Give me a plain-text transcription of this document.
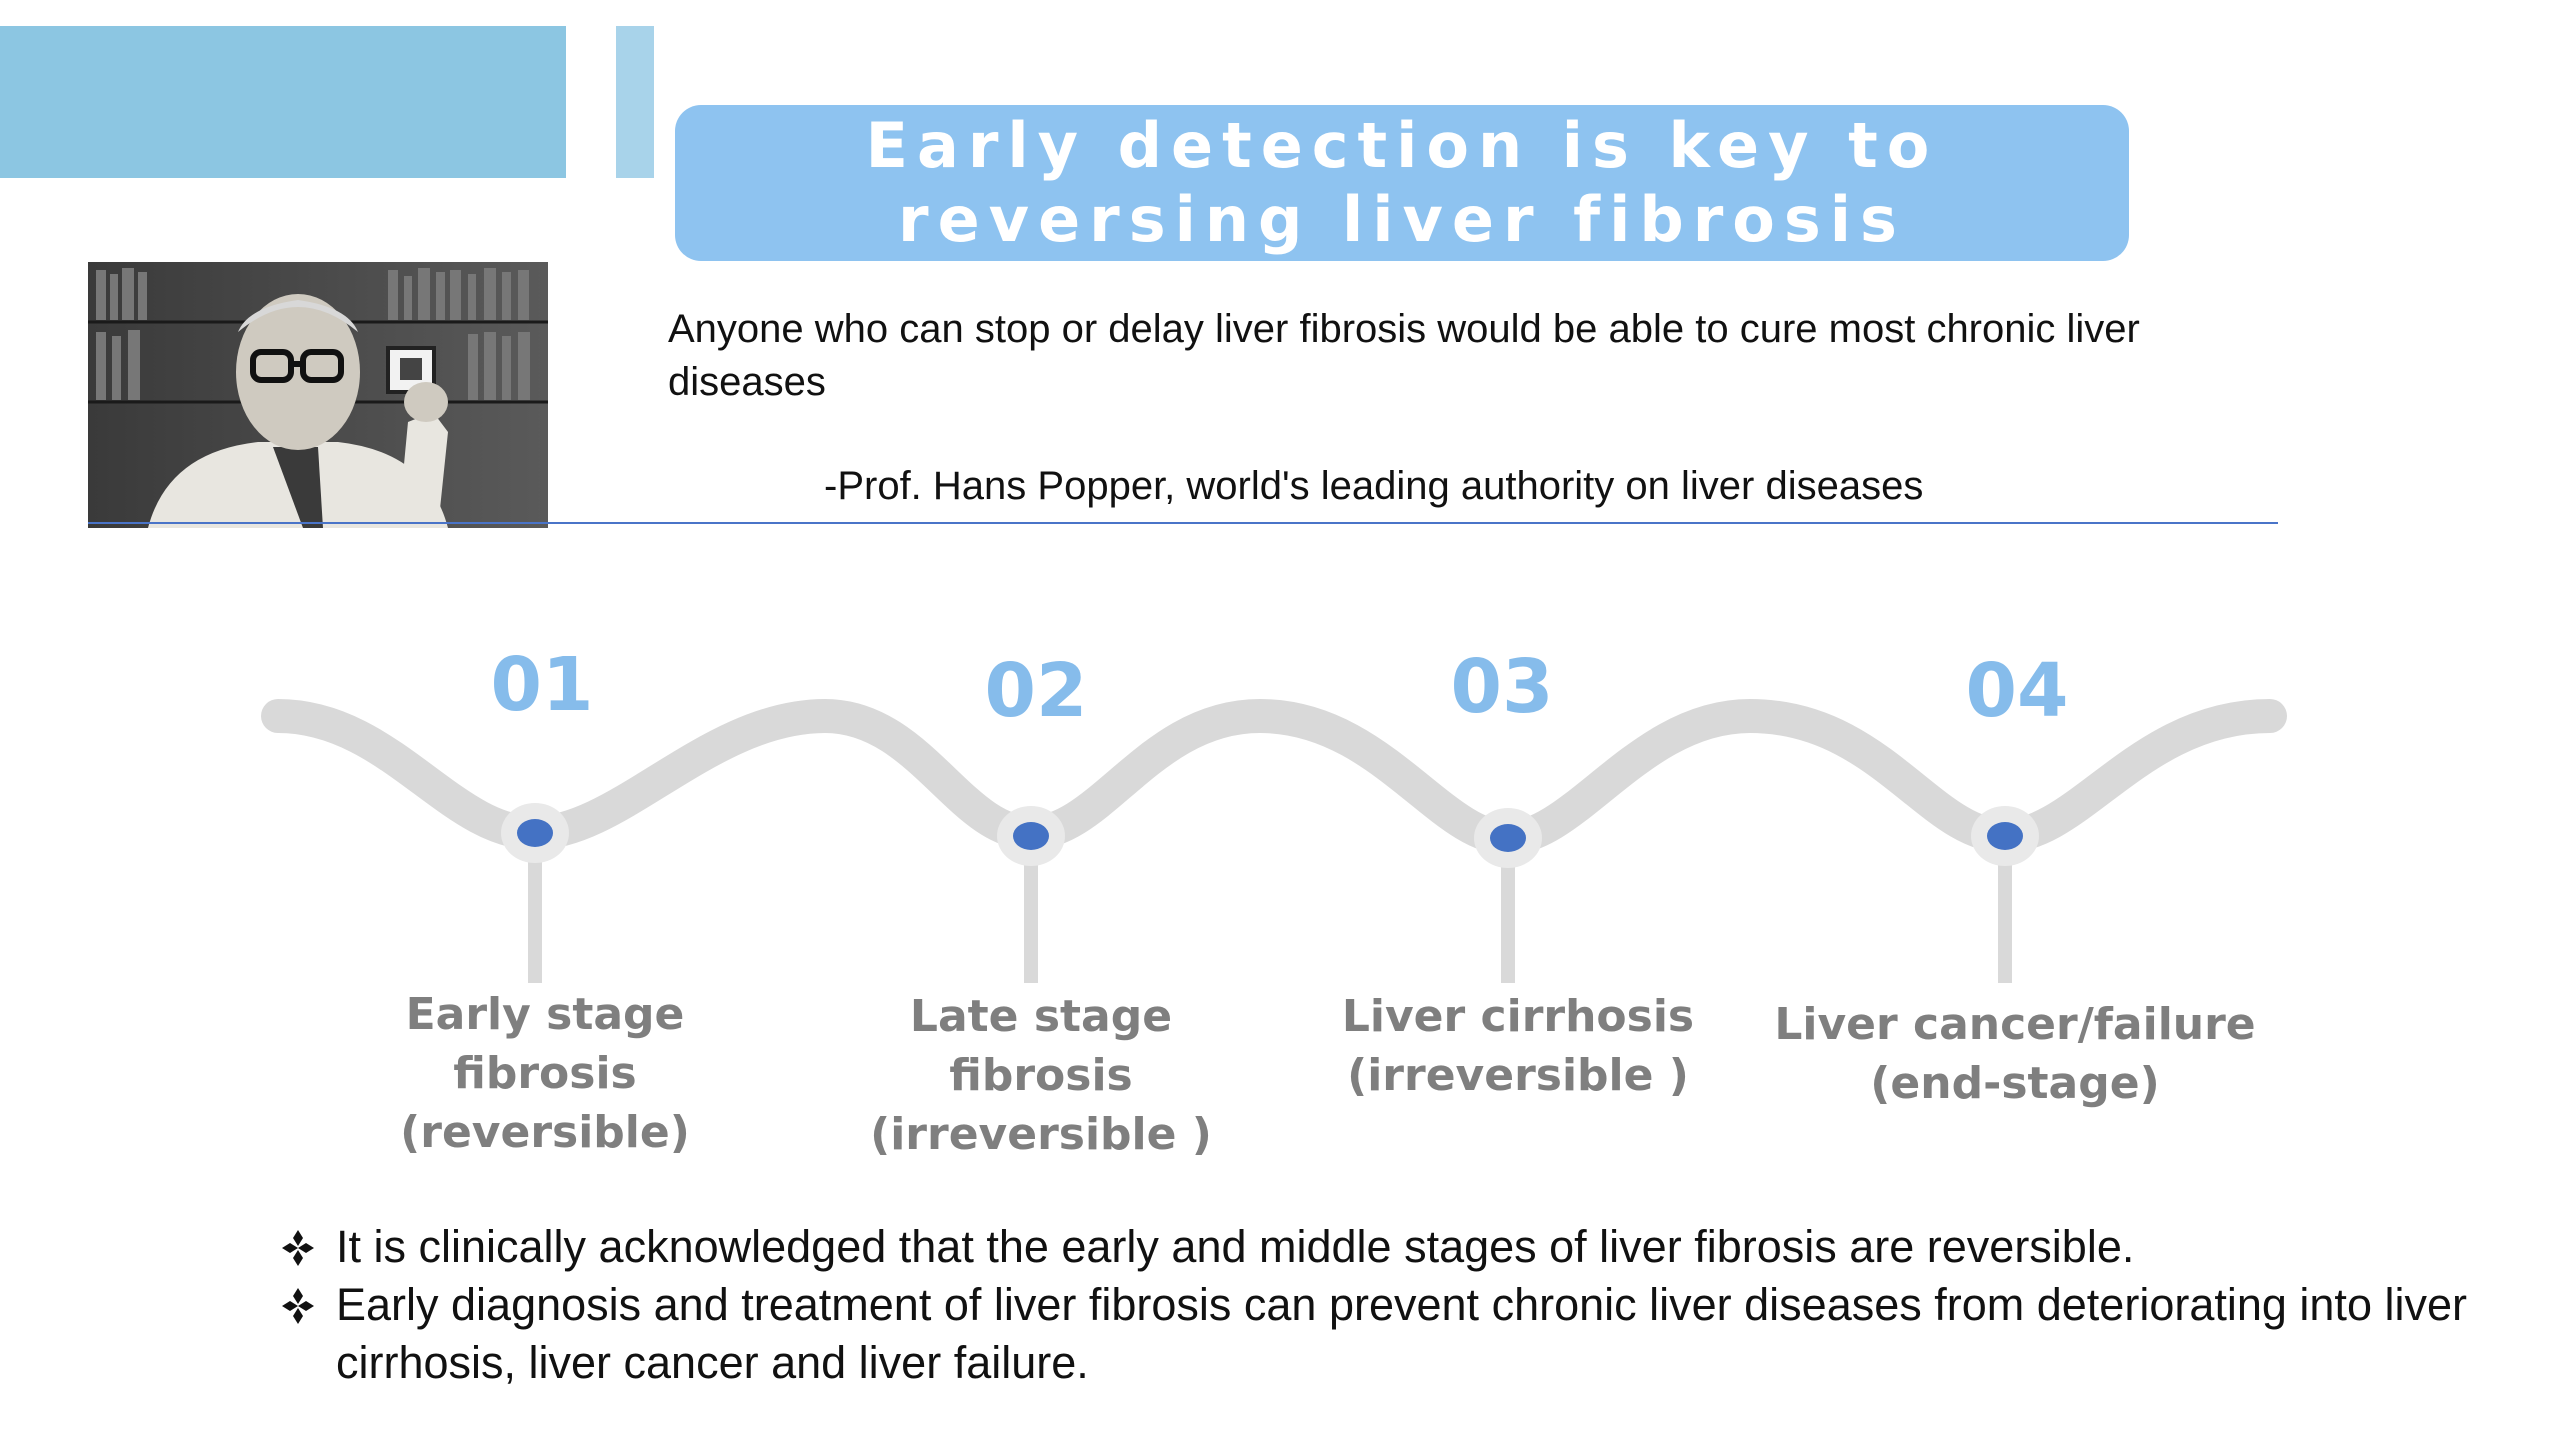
Early detection is key to
reversing liver fibrosis
Anyone who can stop or delay liver fibrosis would be able to cure most chronic liver diseases
-Prof. Hans Popper, world's leading authority on liver diseases
01	02	03	04
Early stage
fibrosis
(reversible)
Late stage
fibrosis
(irreversible )
Liver cirrhosis
(irreversible )
Liver cancer/failure
(end-stage)
It is clinically acknowledged that the early and middle stages of liver fibrosis are reversible.
Early diagnosis and treatment of liver fibrosis can prevent chronic liver diseases from deteriorating into liver cirrhosis, liver cancer and liver failure.
